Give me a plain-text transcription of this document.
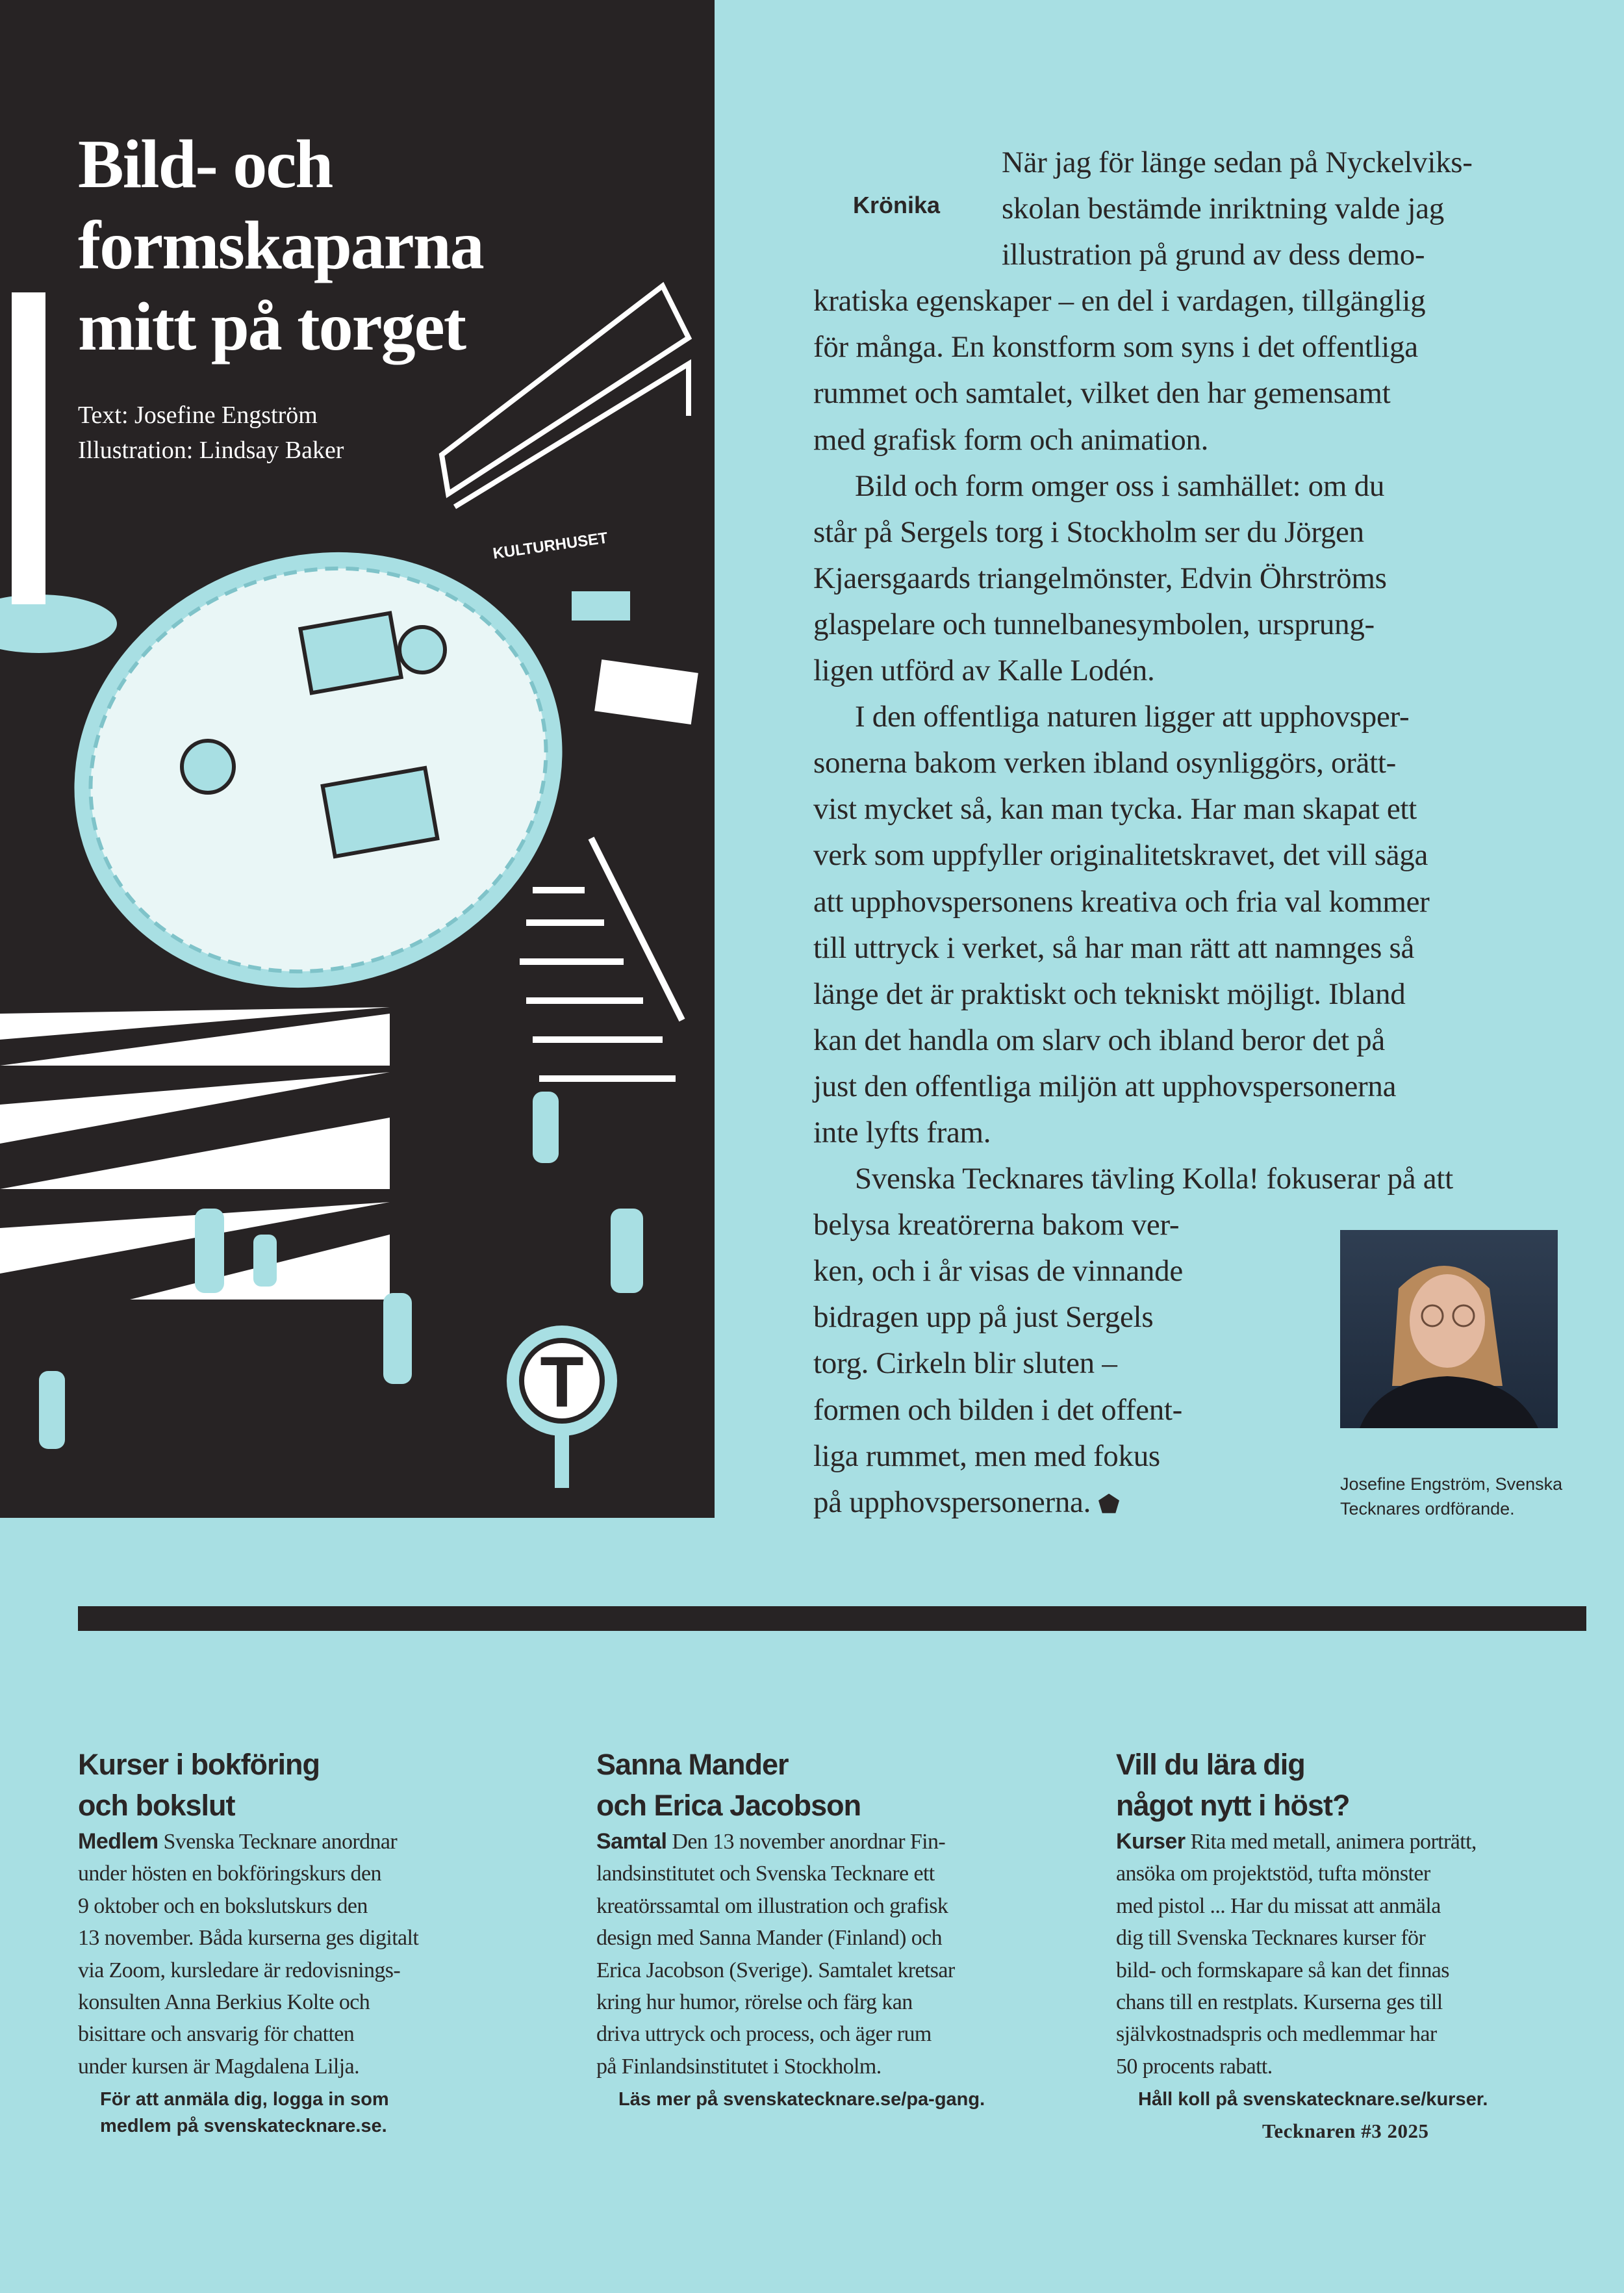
KULTURHUSET
T
Bild- och
formskaparna
mitt på torget
Text: Josefine Engström
Illustration: Lindsay Baker
Krönika
När jag för länge sedan på Nyckelviks-
skolan bestämde inriktning valde jag
illustration på grund av dess demo-
kratiska egenskaper – en del i vardagen, tillgänglig
för många. En konstform som syns i det offentliga
rummet och samtalet, vilket den har gemensamt
med grafisk form och animation.
Bild och form omger oss i samhället: om du
står på Sergels torg i Stockholm ser du Jörgen
Kjaersgaards triangelmönster, Edvin Öhrströms
glaspelare och tunnelbanesymbolen, ursprung-
ligen utförd av Kalle Lodén.
I den offentliga naturen ligger att upphovsper-
sonerna bakom verken ibland osynliggörs, orätt-
vist mycket så, kan man tycka. Har man skapat ett
verk som uppfyller originalitetskravet, det vill säga
att upphovspersonens kreativa och fria val kommer
till uttryck i verket, så har man rätt att namnges så
länge det är praktiskt och tekniskt möjligt. Ibland
kan det handla om slarv och ibland beror det på
just den offentliga miljön att upphovspersonerna
inte lyfts fram.
Svenska Tecknares tävling Kolla! fokuserar på att
belysa kreatörerna bakom ver-
ken, och i år visas de vinnande
bidragen upp på just Sergels
torg. Cirkeln blir sluten –
formen och bilden i det offent-
liga rummet, men med fokus
på upphovspersonerna.
Josefine Engström, Svenska
Tecknares ordförande.
Kurser i bokföring
och bokslut
Medlem Svenska Tecknare anordnar
under hösten en bokföringskurs den
9 oktober och en bokslutskurs den
13 november. Båda kurserna ges digitalt
via Zoom, kursledare är redovisnings-
konsulten Anna Berkius Kolte och
bisittare och ansvarig för chatten
under kursen är Magdalena Lilja.
För att anmäla dig, logga in som
medlem på svenskatecknare.se.
Sanna Mander
och Erica Jacobson
Samtal Den 13 november anordnar Fin-
landsinstitutet och Svenska Tecknare ett
kreatörssamtal om illustration och grafisk
design med Sanna Mander (Finland) och
Erica Jacobson (Sverige). Samtalet kretsar
kring hur humor, rörelse och färg kan
driva uttryck och process, och äger rum
på Finlandsinstitutet i Stockholm.
Läs mer på svenskatecknare.se/pa-gang.
Vill du lära dig
något nytt i höst?
Kurser Rita med metall, animera porträtt,
ansöka om projektstöd, tufta mönster
med pistol ... Har du missat att anmäla
dig till Svenska Tecknares kurser för
bild- och formskapare så kan det finnas
chans till en restplats. Kurserna ges till
självkostnadspris och medlemmar har
50 procents rabatt.
Håll koll på svenskatecknare.se/kurser.
Tecknaren #3 2025
